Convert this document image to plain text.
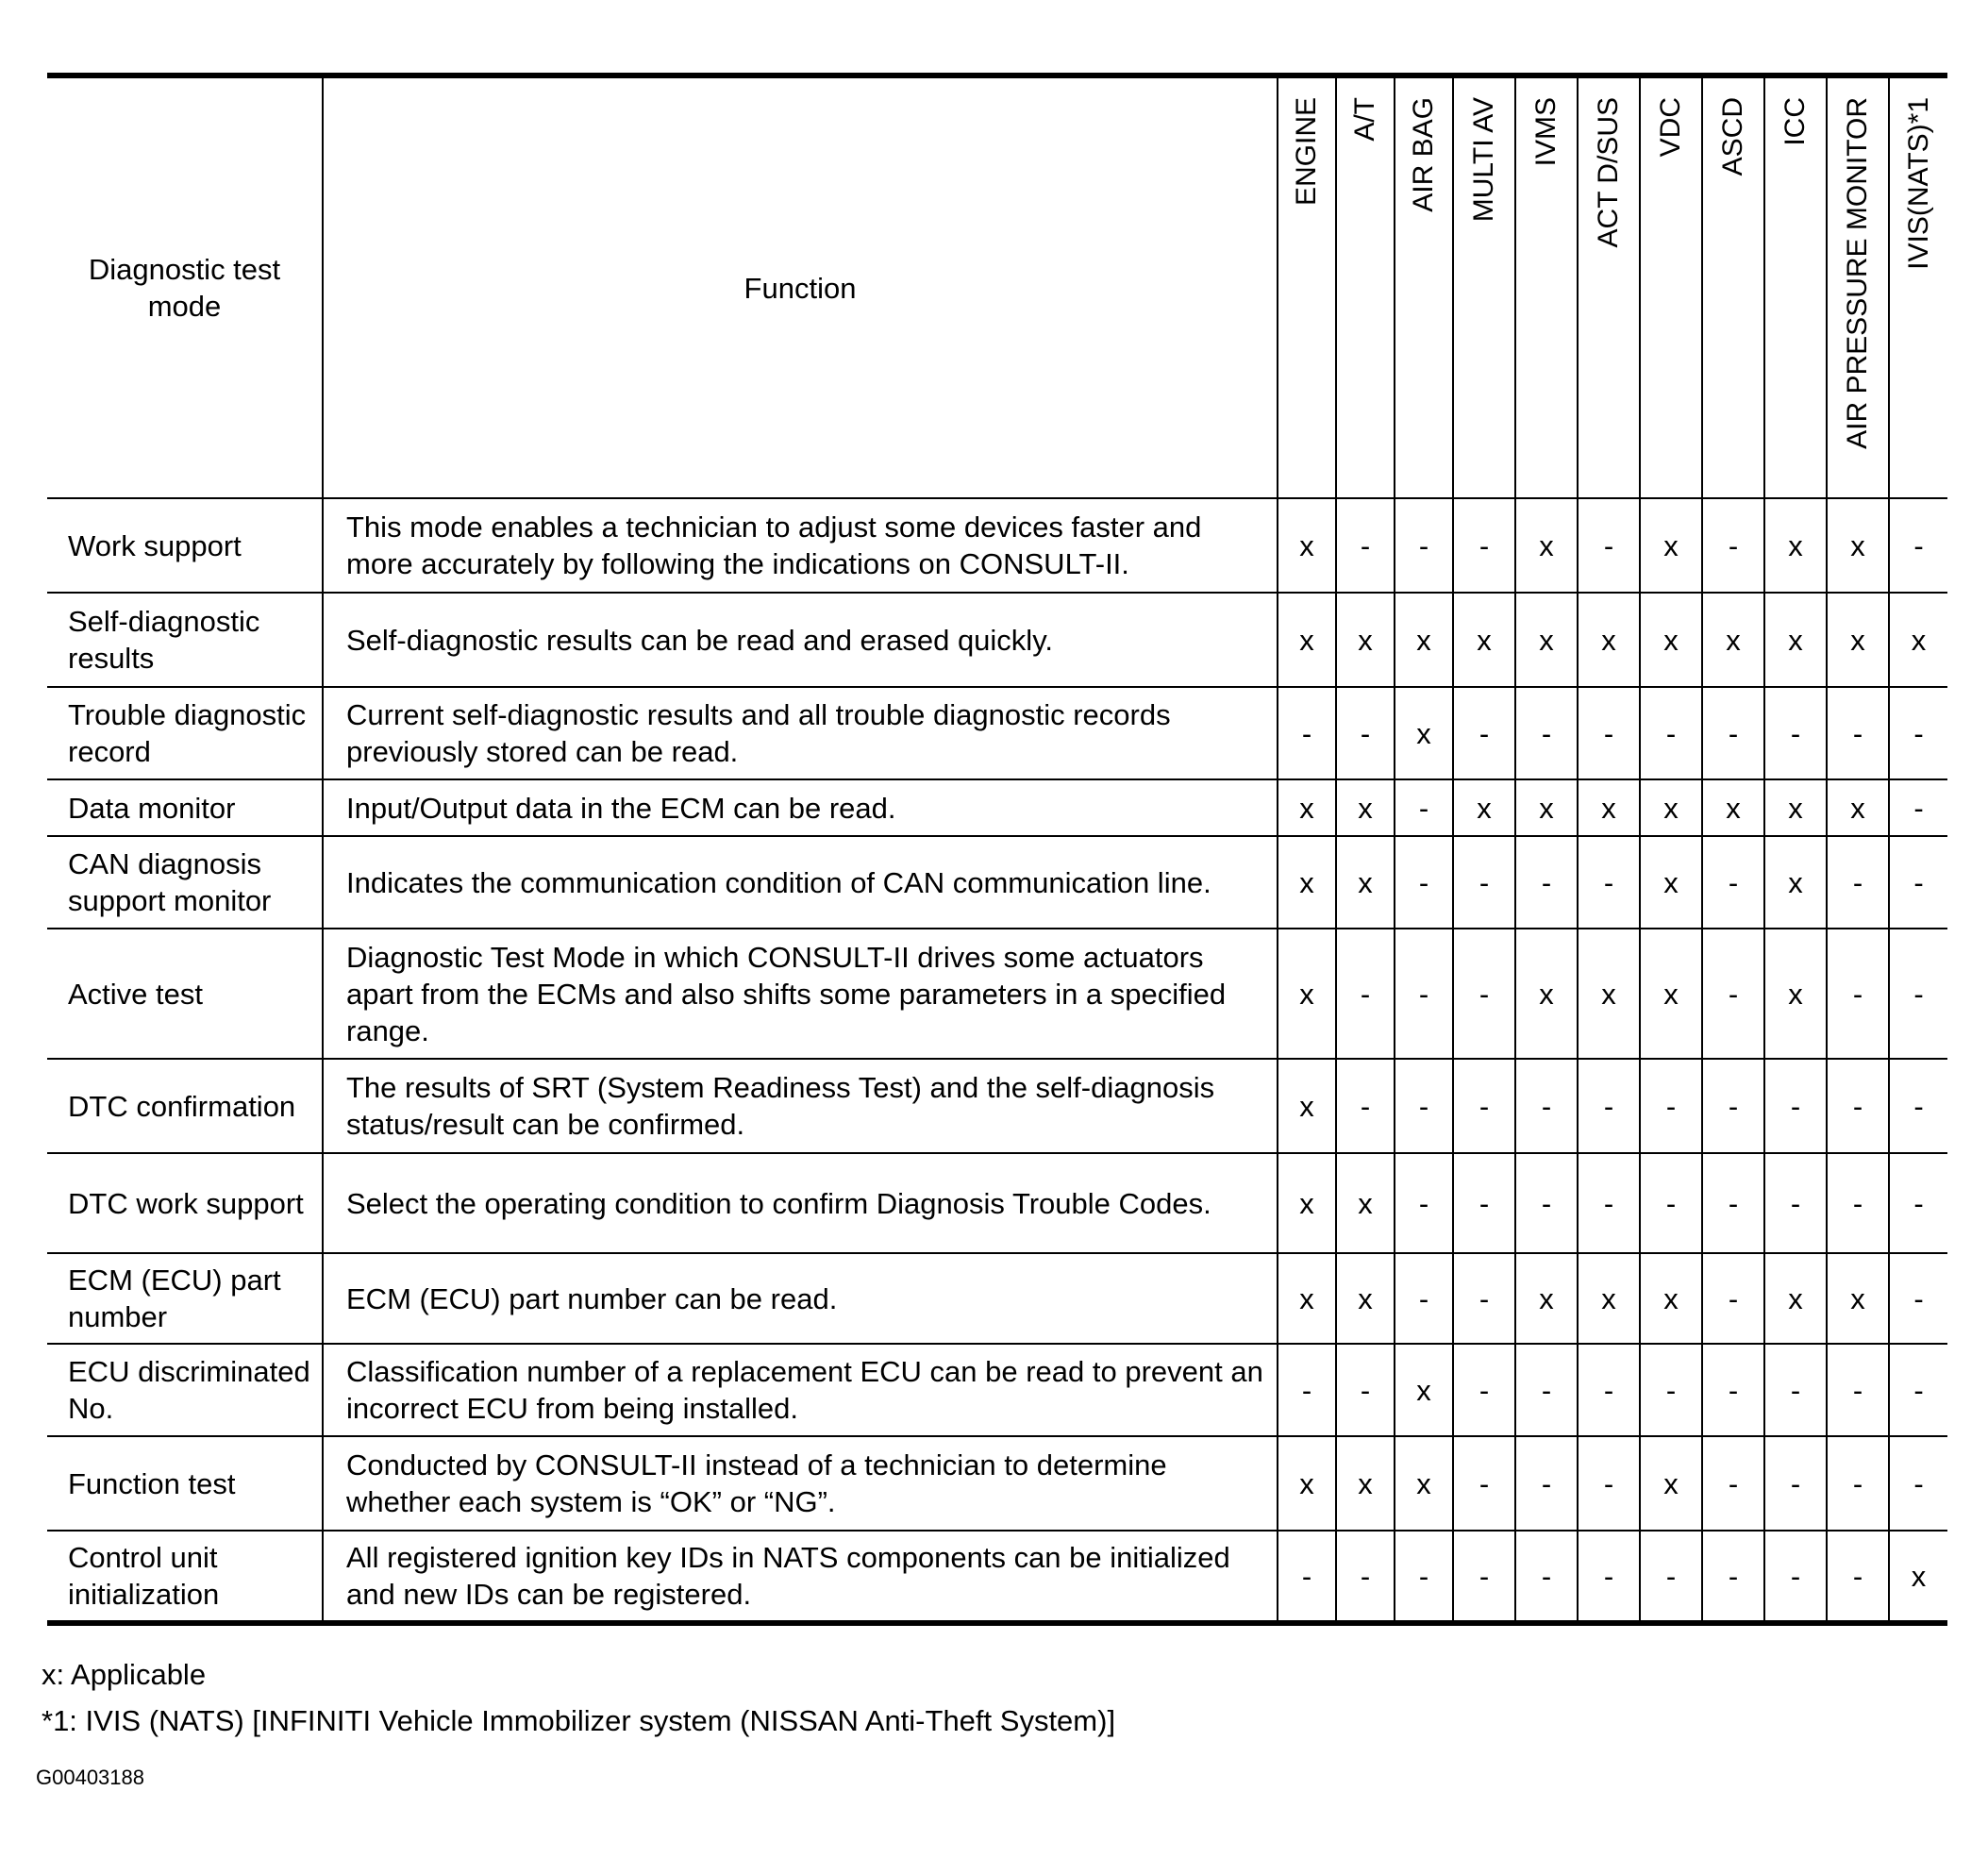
Diagnostic test mode	Function	ENGINE	A/T	AIR BAG	MULTI AV	IVMS	ACT D/SUS	VDC	ASCD	ICC	AIR PRESSURE MONITOR	IVIS(NATS)*1

Work support	This mode enables a technician to adjust some devices faster and more accurately by following the indications on CONSULT-II.	x	-	-	-	x	-	x	-	x	x	-
Self-diagnostic results	Self-diagnostic results can be read and erased quickly.	x	x	x	x	x	x	x	x	x	x	x
Trouble diagnostic record	Current self-diagnostic results and all trouble diagnostic records previously stored can be read.	-	-	x	-	-	-	-	-	-	-	-
Data monitor	Input/Output data in the ECM can be read.	x	x	-	x	x	x	x	x	x	x	-
CAN diagnosis support monitor	Indicates the communication condition of CAN communication line.	x	x	-	-	-	-	x	-	x	-	-
Active test	Diagnostic Test Mode in which CONSULT-II drives some actuators apart from the ECMs and also shifts some parameters in a specified range.	x	-	-	-	x	x	x	-	x	-	-
DTC confirmation	The results of SRT (System Readiness Test) and the self-diagnosis status/result can be confirmed.	x	-	-	-	-	-	-	-	-	-	-
DTC work support	Select the operating condition to confirm Diagnosis Trouble Codes.	x	x	-	-	-	-	-	-	-	-	-
ECM (ECU) part number	ECM (ECU) part number can be read.	x	x	-	-	x	x	x	-	x	x	-
ECU discriminated No.	Classification number of a replacement ECU can be read to prevent an incorrect ECU from being installed.	-	-	x	-	-	-	-	-	-	-	-
Function test	Conducted by CONSULT-II instead of a technician to determine whether each system is “OK” or “NG”.	x	x	x	-	-	-	x	-	-	-	-
Control unit initialization	All registered ignition key IDs in NATS components can be initialized and new IDs can be registered.	-	-	-	-	-	-	-	-	-	-	x
x: Applicable
*1: IVIS (NATS) [INFINITI Vehicle Immobilizer system (NISSAN Anti-Theft System)]
G00403188
